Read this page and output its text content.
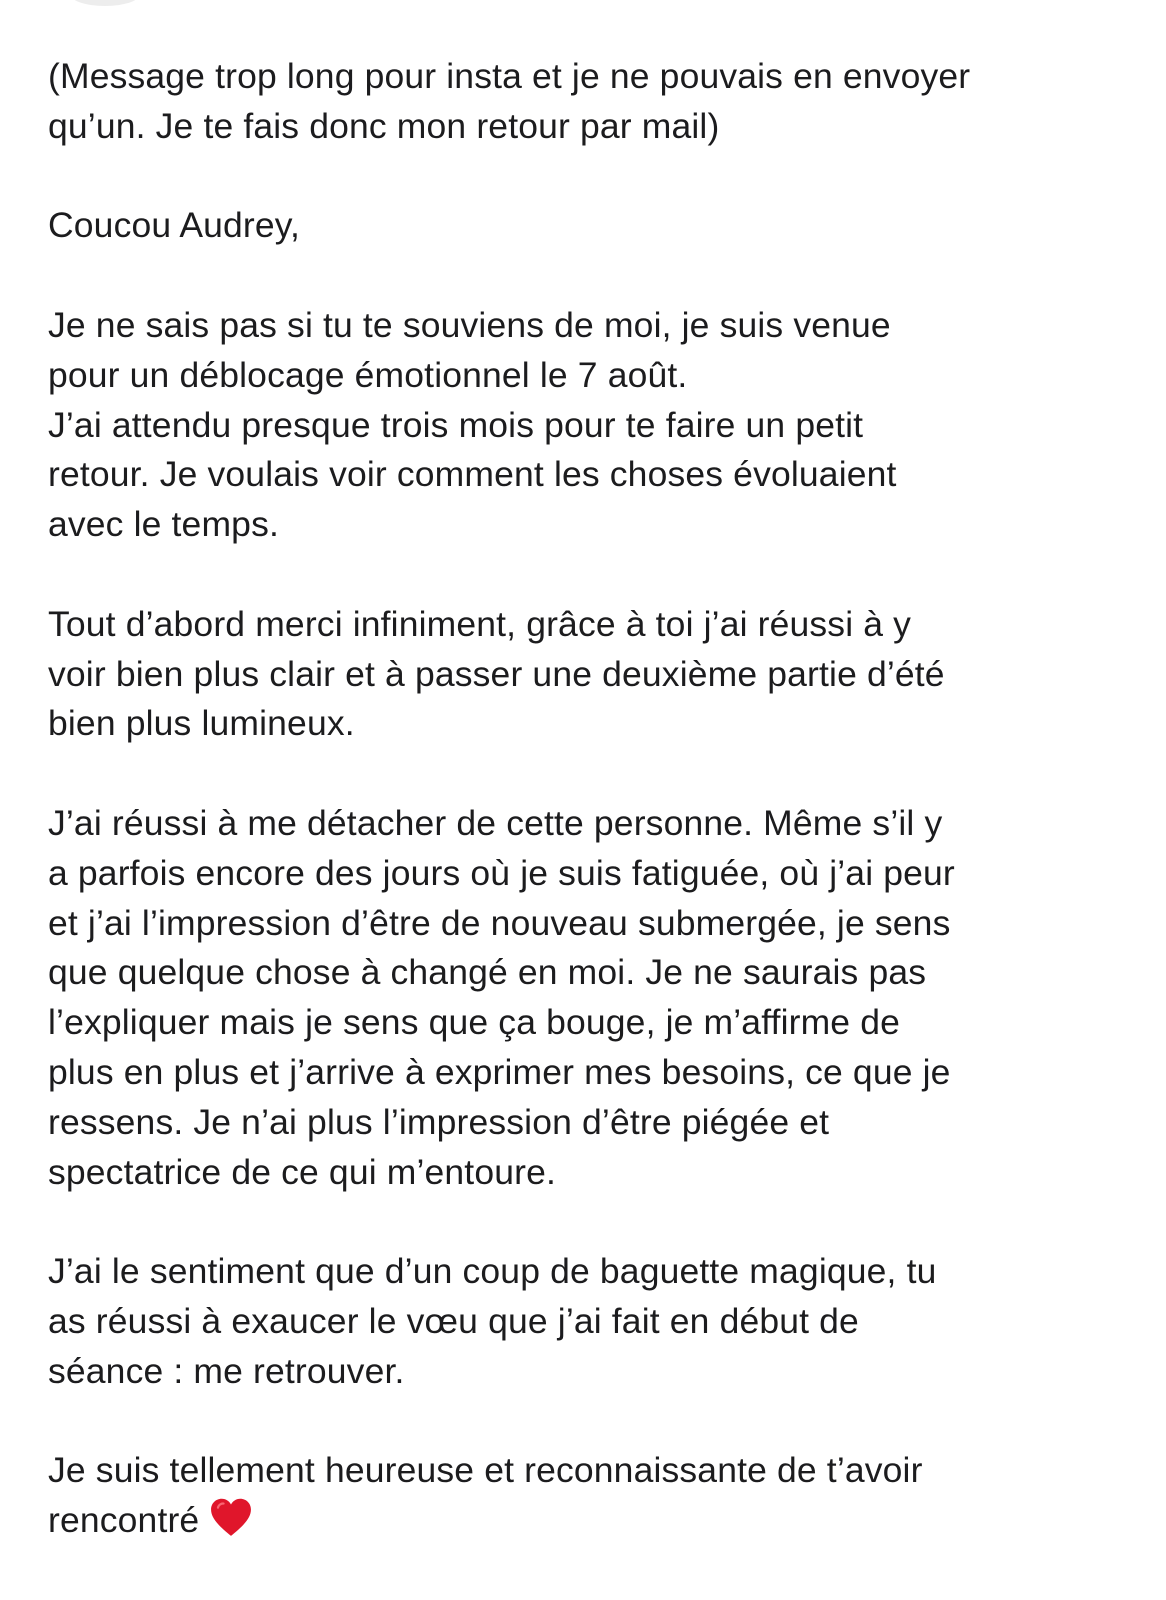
(Message trop long pour insta et je ne pouvais en envoyer
qu’un. Je te fais donc mon retour par mail)
Coucou Audrey,
Je ne sais pas si tu te souviens de moi, je suis venue
pour un déblocage émotionnel le 7 août.
J’ai attendu presque trois mois pour te faire un petit
retour. Je voulais voir comment les choses évoluaient
avec le temps.
Tout d’abord merci infiniment, grâce à toi j’ai réussi à y
voir bien plus clair et à passer une deuxième partie d’été
bien plus lumineux.
J’ai réussi à me détacher de cette personne. Même s’il y
a parfois encore des jours où je suis fatiguée, où j’ai peur
et j’ai l’impression d’être de nouveau submergée, je sens
que quelque chose à changé en moi. Je ne saurais pas
l’expliquer mais je sens que ça bouge, je m’affirme de
plus en plus et j’arrive à exprimer mes besoins, ce que je
ressens. Je n’ai plus l’impression d’être piégée et
spectatrice de ce qui m’entoure.
J’ai le sentiment que d’un coup de baguette magique, tu
as réussi à exaucer le vœu que j’ai fait en début de
séance : me retrouver.
Je suis tellement heureuse et reconnaissante de t’avoir
rencontré
